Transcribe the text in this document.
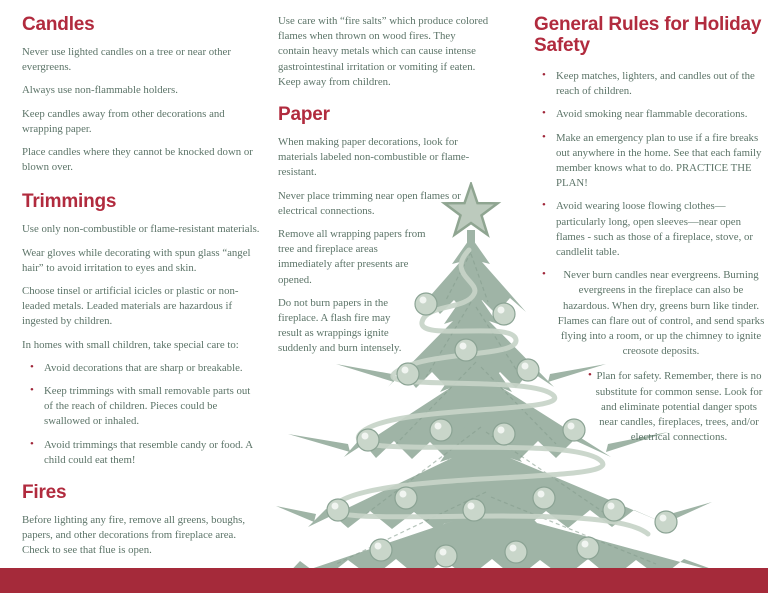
Candles

Never use lighted candles on a tree or near other evergreens.

Always use non-flammable holders.

Keep candles away from other decorations and wrapping paper.

Place candles where they cannot be knocked down or blown over.

Trimmings

Use only non-combustible or flame-resistant materials.

Wear gloves while decorating with spun glass “angel hair” to avoid irritation to eyes and skin.

Choose tinsel or artificial icicles or plastic or non-leaded metals. Leaded materials are hazardous if ingested by children.

In homes with small children, take special care to:

• Avoid decorations that are sharp or breakable.
• Keep trimmings with small removable parts out of the reach of children. Pieces could be swallowed or inhaled.
• Avoid trimmings that resemble candy or food. A child could eat them!
Fires

Before lighting any fire, remove all greens, boughs, papers, and other decorations from fireplace area. Check to see that flue is open.

Use care with “fire salts” which produce colored flames when thrown on wood fires. They contain heavy metals which can cause intense gastrointestinal irritation or vomiting if eaten. Keep away from children.

Paper

When making paper decorations, look for materials labeled non-combustible or flame-resistant.

Never place trimming near open flames or electrical connections.

Remove all wrapping papers from tree and fireplace areas immediately after presents are opened.

Do not burn papers in the fireplace. A flash fire may result as wrappings ignite suddenly and burn intensely.

General Rules for Holiday Safety
• Keep matches, lighters, and candles out of the reach of children.
• Avoid smoking near flammable decorations.
• Make an emergency plan to use if a fire breaks out anywhere in the home. See that each family member knows what to do. PRACTICE THE PLAN!
• Avoid wearing loose flowing clothes—particularly long, open sleeves—near open flames - such as those of a fireplace, stove, or candlelit table.
• Never burn candles near evergreens. Burning evergreens in the fireplace can also be hazardous. When dry, greens burn like tinder. Flames can flare out of control, and send sparks flying into a room, or up the chimney to ignite creosote deposits.
• Plan for safety. Remember, there is no substitute for common sense. Look for and eliminate potential danger spots near candles, fireplaces, trees, and/or electrical connections.
